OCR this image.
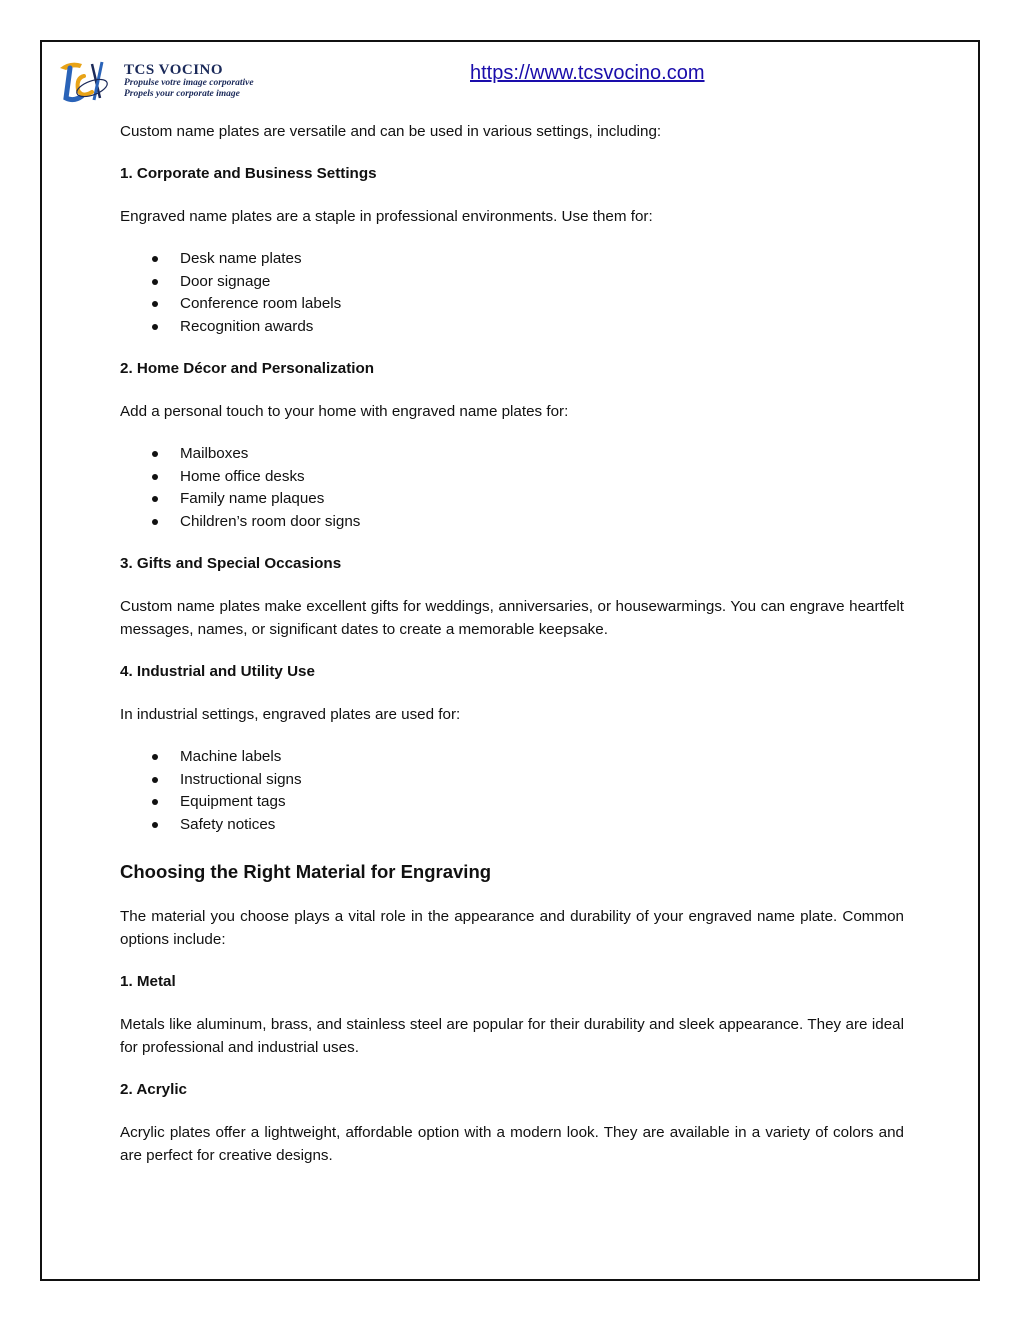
TCS VOCINO
Propulse votre image corporative
Propels your corporate image
https://www.tcsvocino.com

Custom name plates are versatile and can be used in various settings, including:

1. Corporate and Business Settings

Engraved name plates are a staple in professional environments. Use them for:

Desk name plates
Door signage
Conference room labels
Recognition awards

2. Home Décor and Personalization

Add a personal touch to your home with engraved name plates for:

Mailboxes
Home office desks
Family name plaques
Children’s room door signs

3. Gifts and Special Occasions

Custom name plates make excellent gifts for weddings, anniversaries, or housewarmings. You can engrave heartfelt messages, names, or significant dates to create a memorable keepsake.

4. Industrial and Utility Use

In industrial settings, engraved plates are used for:

Machine labels
Instructional signs
Equipment tags
Safety notices
Choosing the Right Material for Engraving

The material you choose plays a vital role in the appearance and durability of your engraved name plate. Common options include:

1. Metal

Metals like aluminum, brass, and stainless steel are popular for their durability and sleek appearance. They are ideal for professional and industrial uses.

2. Acrylic

Acrylic plates offer a lightweight, affordable option with a modern look. They are available in a variety of colors and are perfect for creative designs.
